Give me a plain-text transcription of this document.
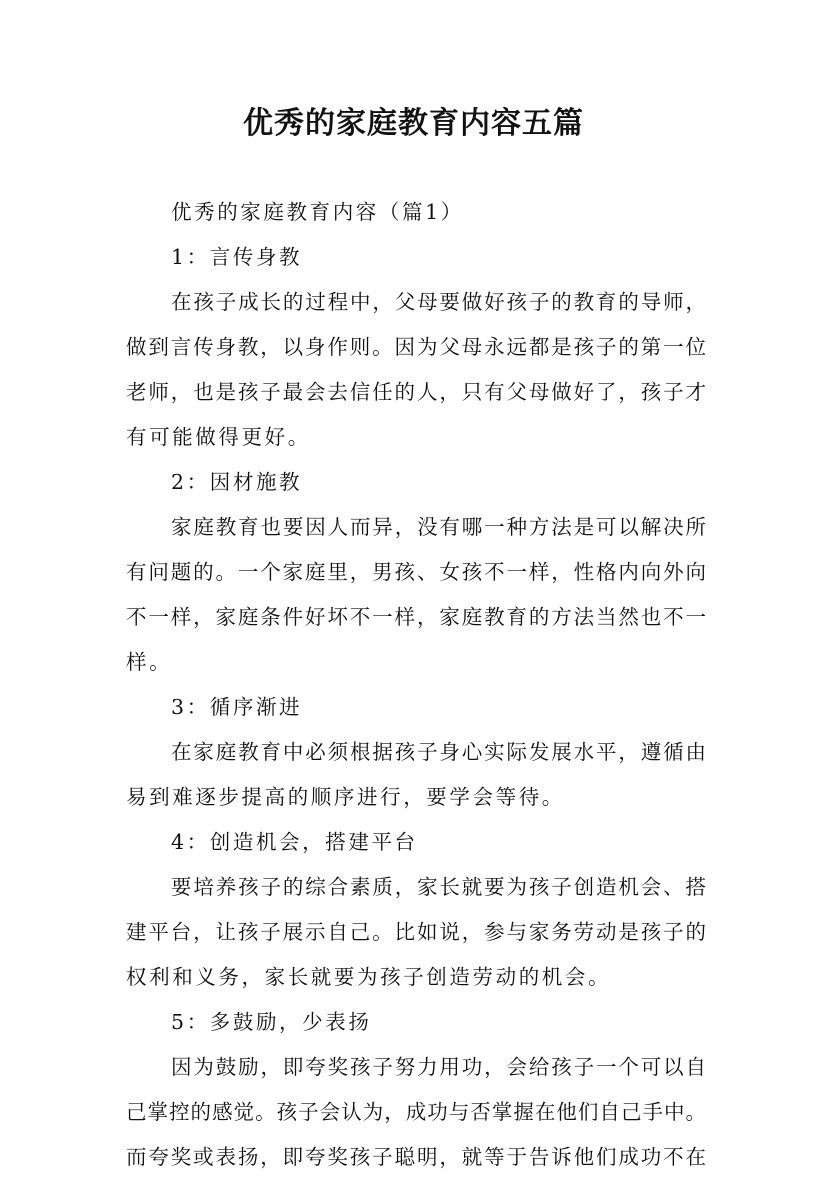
优秀的家庭教育内容五篇
优秀的家庭教育内容（篇1）
1：言传身教
在孩子成长的过程中，父母要做好孩子的教育的导师，
做到言传身教，以身作则。因为父母永远都是孩子的第一位
老师，也是孩子最会去信任的人，只有父母做好了，孩子才
有可能做得更好。
2：因材施教
家庭教育也要因人而异，没有哪一种方法是可以解决所
有问题的。一个家庭里，男孩、女孩不一样，性格内向外向
不一样，家庭条件好坏不一样，家庭教育的方法当然也不一
样。
3：循序渐进
在家庭教育中必须根据孩子身心实际发展水平，遵循由
易到难逐步提高的顺序进行，要学会等待。
4：创造机会，搭建平台
要培养孩子的综合素质，家长就要为孩子创造机会、搭
建平台，让孩子展示自己。比如说，参与家务劳动是孩子的
权利和义务，家长就要为孩子创造劳动的机会。
5：多鼓励，少表扬
因为鼓励，即夸奖孩子努力用功，会给孩子一个可以自
己掌控的感觉。孩子会认为，成功与否掌握在他们自己手中。
而夸奖或表扬，即夸奖孩子聪明，就等于告诉他们成功不在
